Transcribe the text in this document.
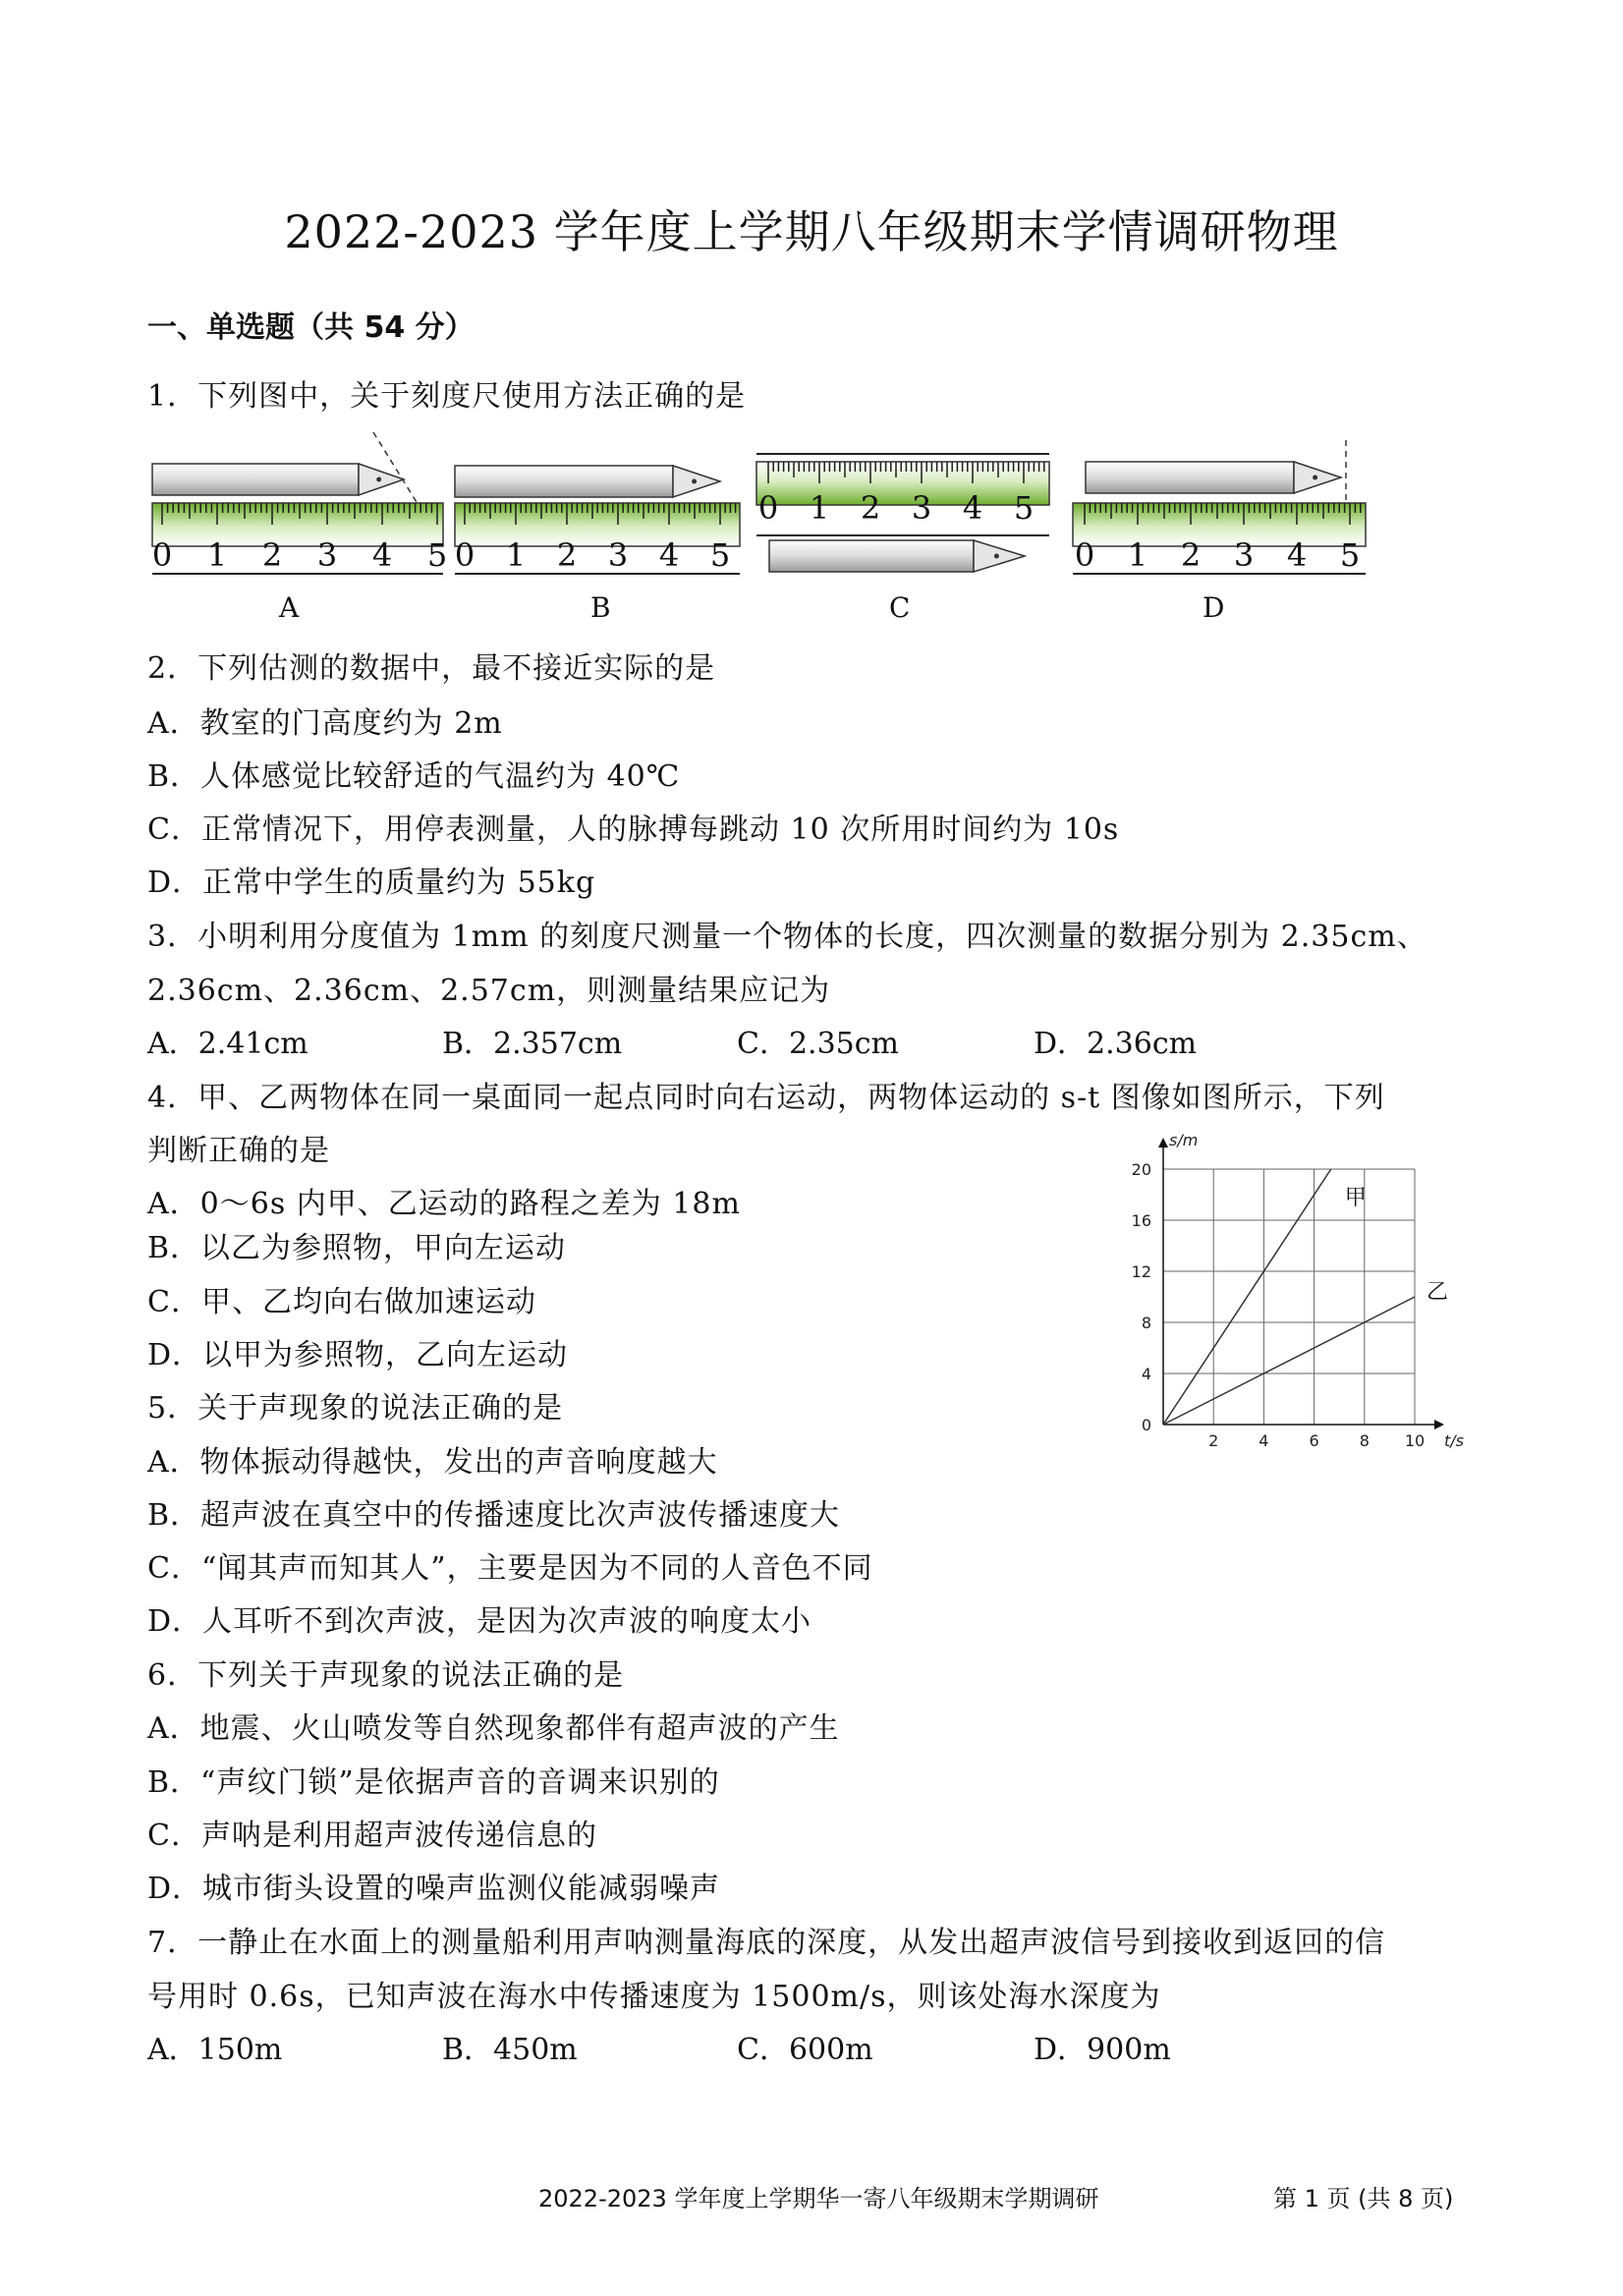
2022-2023 学年度上学期八年级期末学情调研物理
一、单选题（共 54 分）
1．下列图中，关于刻度尺使用方法正确的是
0 1 2 3 4 5 0 1 2 3 4 5
0 1 2 3 4 5
0 1 2 3 4 5
A	B	C	D
2．下列估测的数据中，最不接近实际的是
A．教室的门高度约为 2m
B．人体感觉比较舒适的气温约为 40℃
C．正常情况下，用停表测量，人的脉搏每跳动 10 次所用时间约为 10s
D．正常中学生的质量约为 55kg
3．小明利用分度值为 1mm 的刻度尺测量一个物体的长度，四次测量的数据分别为 2.35cm、
2.36cm、2.36cm、2.57cm，则测量结果应记为
A．2.41cm	B．2.357cm	C．2.35cm	D．2.36cm
4．甲、乙两物体在同一桌面同一起点同时向右运动，两物体运动的 s-t 图像如图所示，下列
判断正确的是
A．0～6s 内甲、乙运动的路程之差为 18m
B．以乙为参照物，甲向左运动
C．甲、乙均向右做加速运动
D．以甲为参照物，乙向左运动
2	4	6	8 10
0
4
8
12
16
20
s/m
t/s
甲
乙
5．关于声现象的说法正确的是
A．物体振动得越快，发出的声音响度越大
B．超声波在真空中的传播速度比次声波传播速度大
C．“闻其声而知其人”，主要是因为不同的人音色不同
D．人耳听不到次声波，是因为次声波的响度太小
6．下列关于声现象的说法正确的是
A．地震、火山喷发等自然现象都伴有超声波的产生
B．“声纹门锁”是依据声音的音调来识别的
C．声呐是利用超声波传递信息的
D．城市街头设置的噪声监测仪能减弱噪声
7．一静止在水面上的测量船利用声呐测量海底的深度，从发出超声波信号到接收到返回的信
号用时 0.6s，已知声波在海水中传播速度为 1500m/s，则该处海水深度为
A．150m	B．450m	C．600m	D．900m
2022-2023 学年度上学期华一寄八年级期末学期调研	第 1 页 (共 8 页)
